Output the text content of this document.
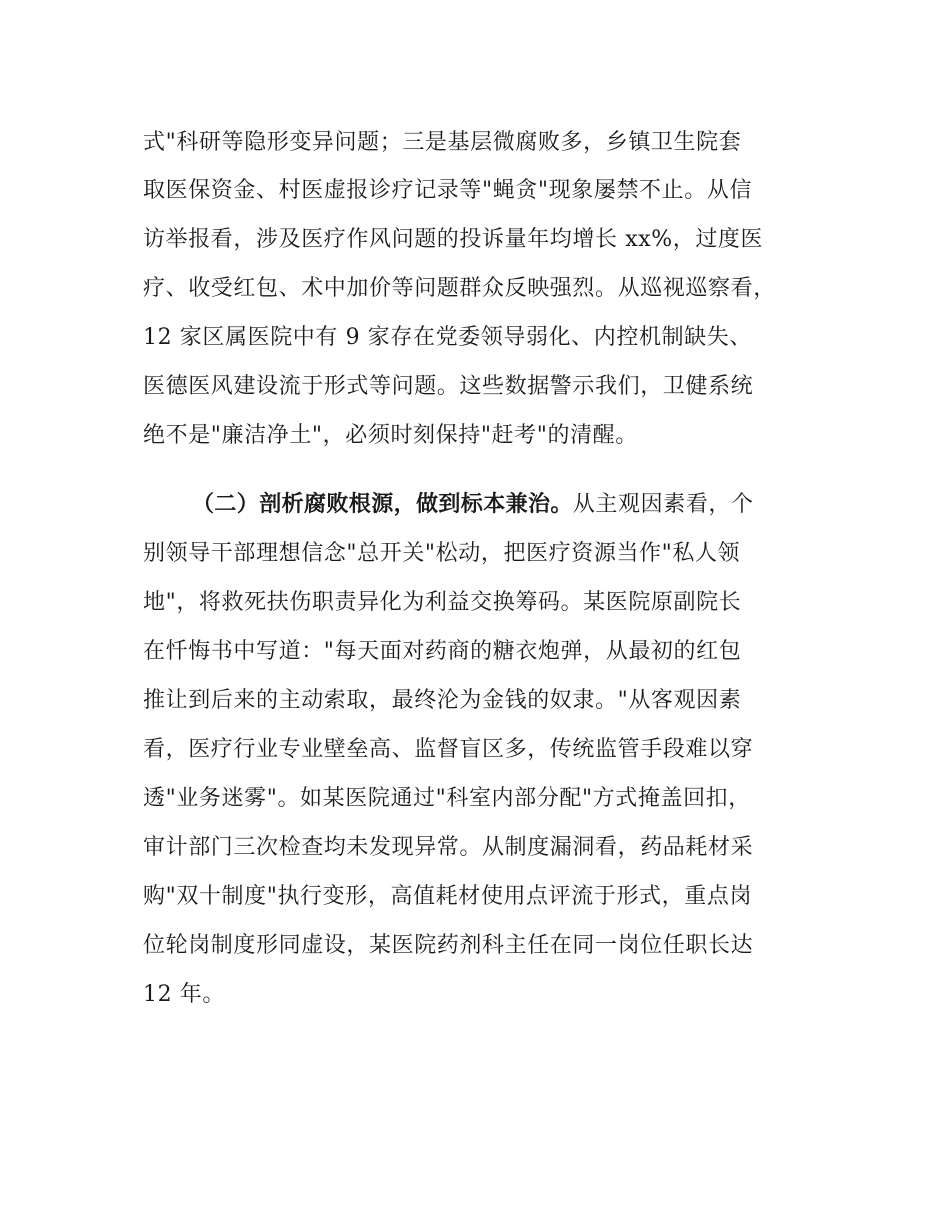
式"科研等隐形变异问题；三是基层微腐败多，乡镇卫生院套
取医保资金、村医虚报诊疗记录等"蝇贪"现象屡禁不止。从信
访举报看，涉及医疗作风问题的投诉量年均增长 xx%，过度医
疗、收受红包、术中加价等问题群众反映强烈。从巡视巡察看，
12 家区属医院中有 9 家存在党委领导弱化、内控机制缺失、
医德医风建设流于形式等问题。这些数据警示我们，卫健系统
绝不是"廉洁净土"，必须时刻保持"赶考"的清醒。
（二）剖析腐败根源，做到标本兼治。从主观因素看，个
别领导干部理想信念"总开关"松动，把医疗资源当作"私人领
地"，将救死扶伤职责异化为利益交换筹码。某医院原副院长
在忏悔书中写道："每天面对药商的糖衣炮弹，从最初的红包
推让到后来的主动索取，最终沦为金钱的奴隶。"从客观因素
看，医疗行业专业壁垒高、监督盲区多，传统监管手段难以穿
透"业务迷雾"。如某医院通过"科室内部分配"方式掩盖回扣，
审计部门三次检查均未发现异常。从制度漏洞看，药品耗材采
购"双十制度"执行变形，高值耗材使用点评流于形式，重点岗
位轮岗制度形同虚设，某医院药剂科主任在同一岗位任职长达
12 年。
